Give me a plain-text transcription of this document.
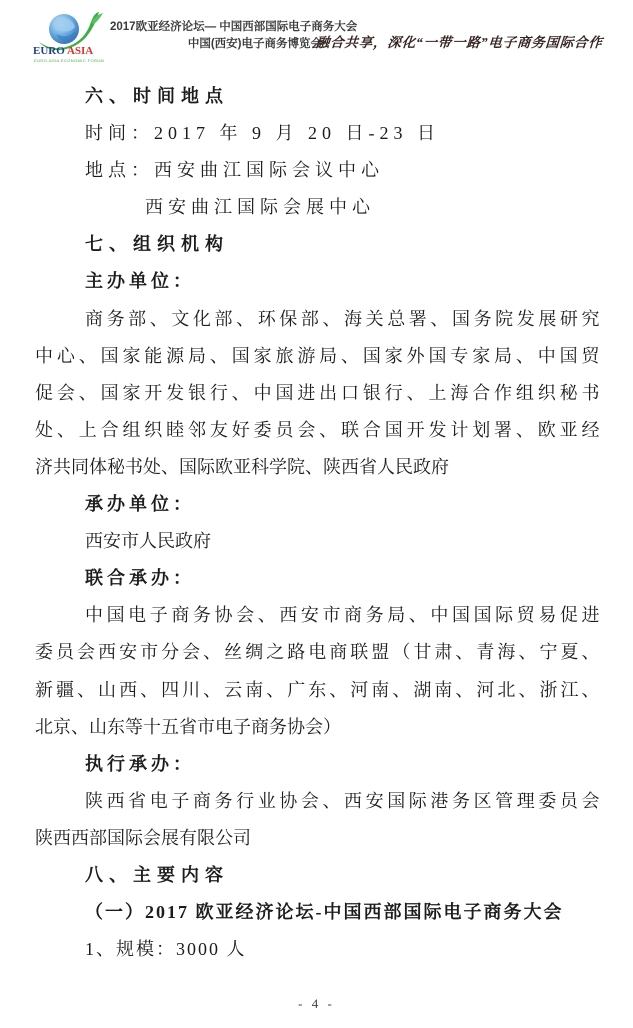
EURO ASIA
EURO-ASIA ECONOMIC FORUM
2017欧亚经济论坛— 中国西部国际电子商务大会
中国(西安)电子商务博览会
融合共享，深化“一带一路”电子商务国际合作
六、时间地点
时间：2017 年 9 月 20 日-23 日
地点：西安曲江国际会议中心
西安曲江国际会展中心
七、组织机构
主办单位：
商务部、文化部、环保部、海关总署、国务院发展研究
中心、国家能源局、国家旅游局、国家外国专家局、中国贸
促会、国家开发银行、中国进出口银行、上海合作组织秘书
处、上合组织睦邻友好委员会、联合国开发计划署、欧亚经
济共同体秘书处、国际欧亚科学院、陕西省人民政府
承办单位：
西安市人民政府
联合承办：
中国电子商务协会、西安市商务局、中国国际贸易促进
委员会西安市分会、丝绸之路电商联盟（甘肃、青海、宁夏、
新疆、山西、四川、云南、广东、河南、湖南、河北、浙江、
北京、山东等十五省市电子商务协会）
执行承办：
陕西省电子商务行业协会、西安国际港务区管理委员会
陕西西部国际会展有限公司
八、主要内容
（一）2017 欧亚经济论坛-中国西部国际电子商务大会
1、规模：3000 人
- 4 -
